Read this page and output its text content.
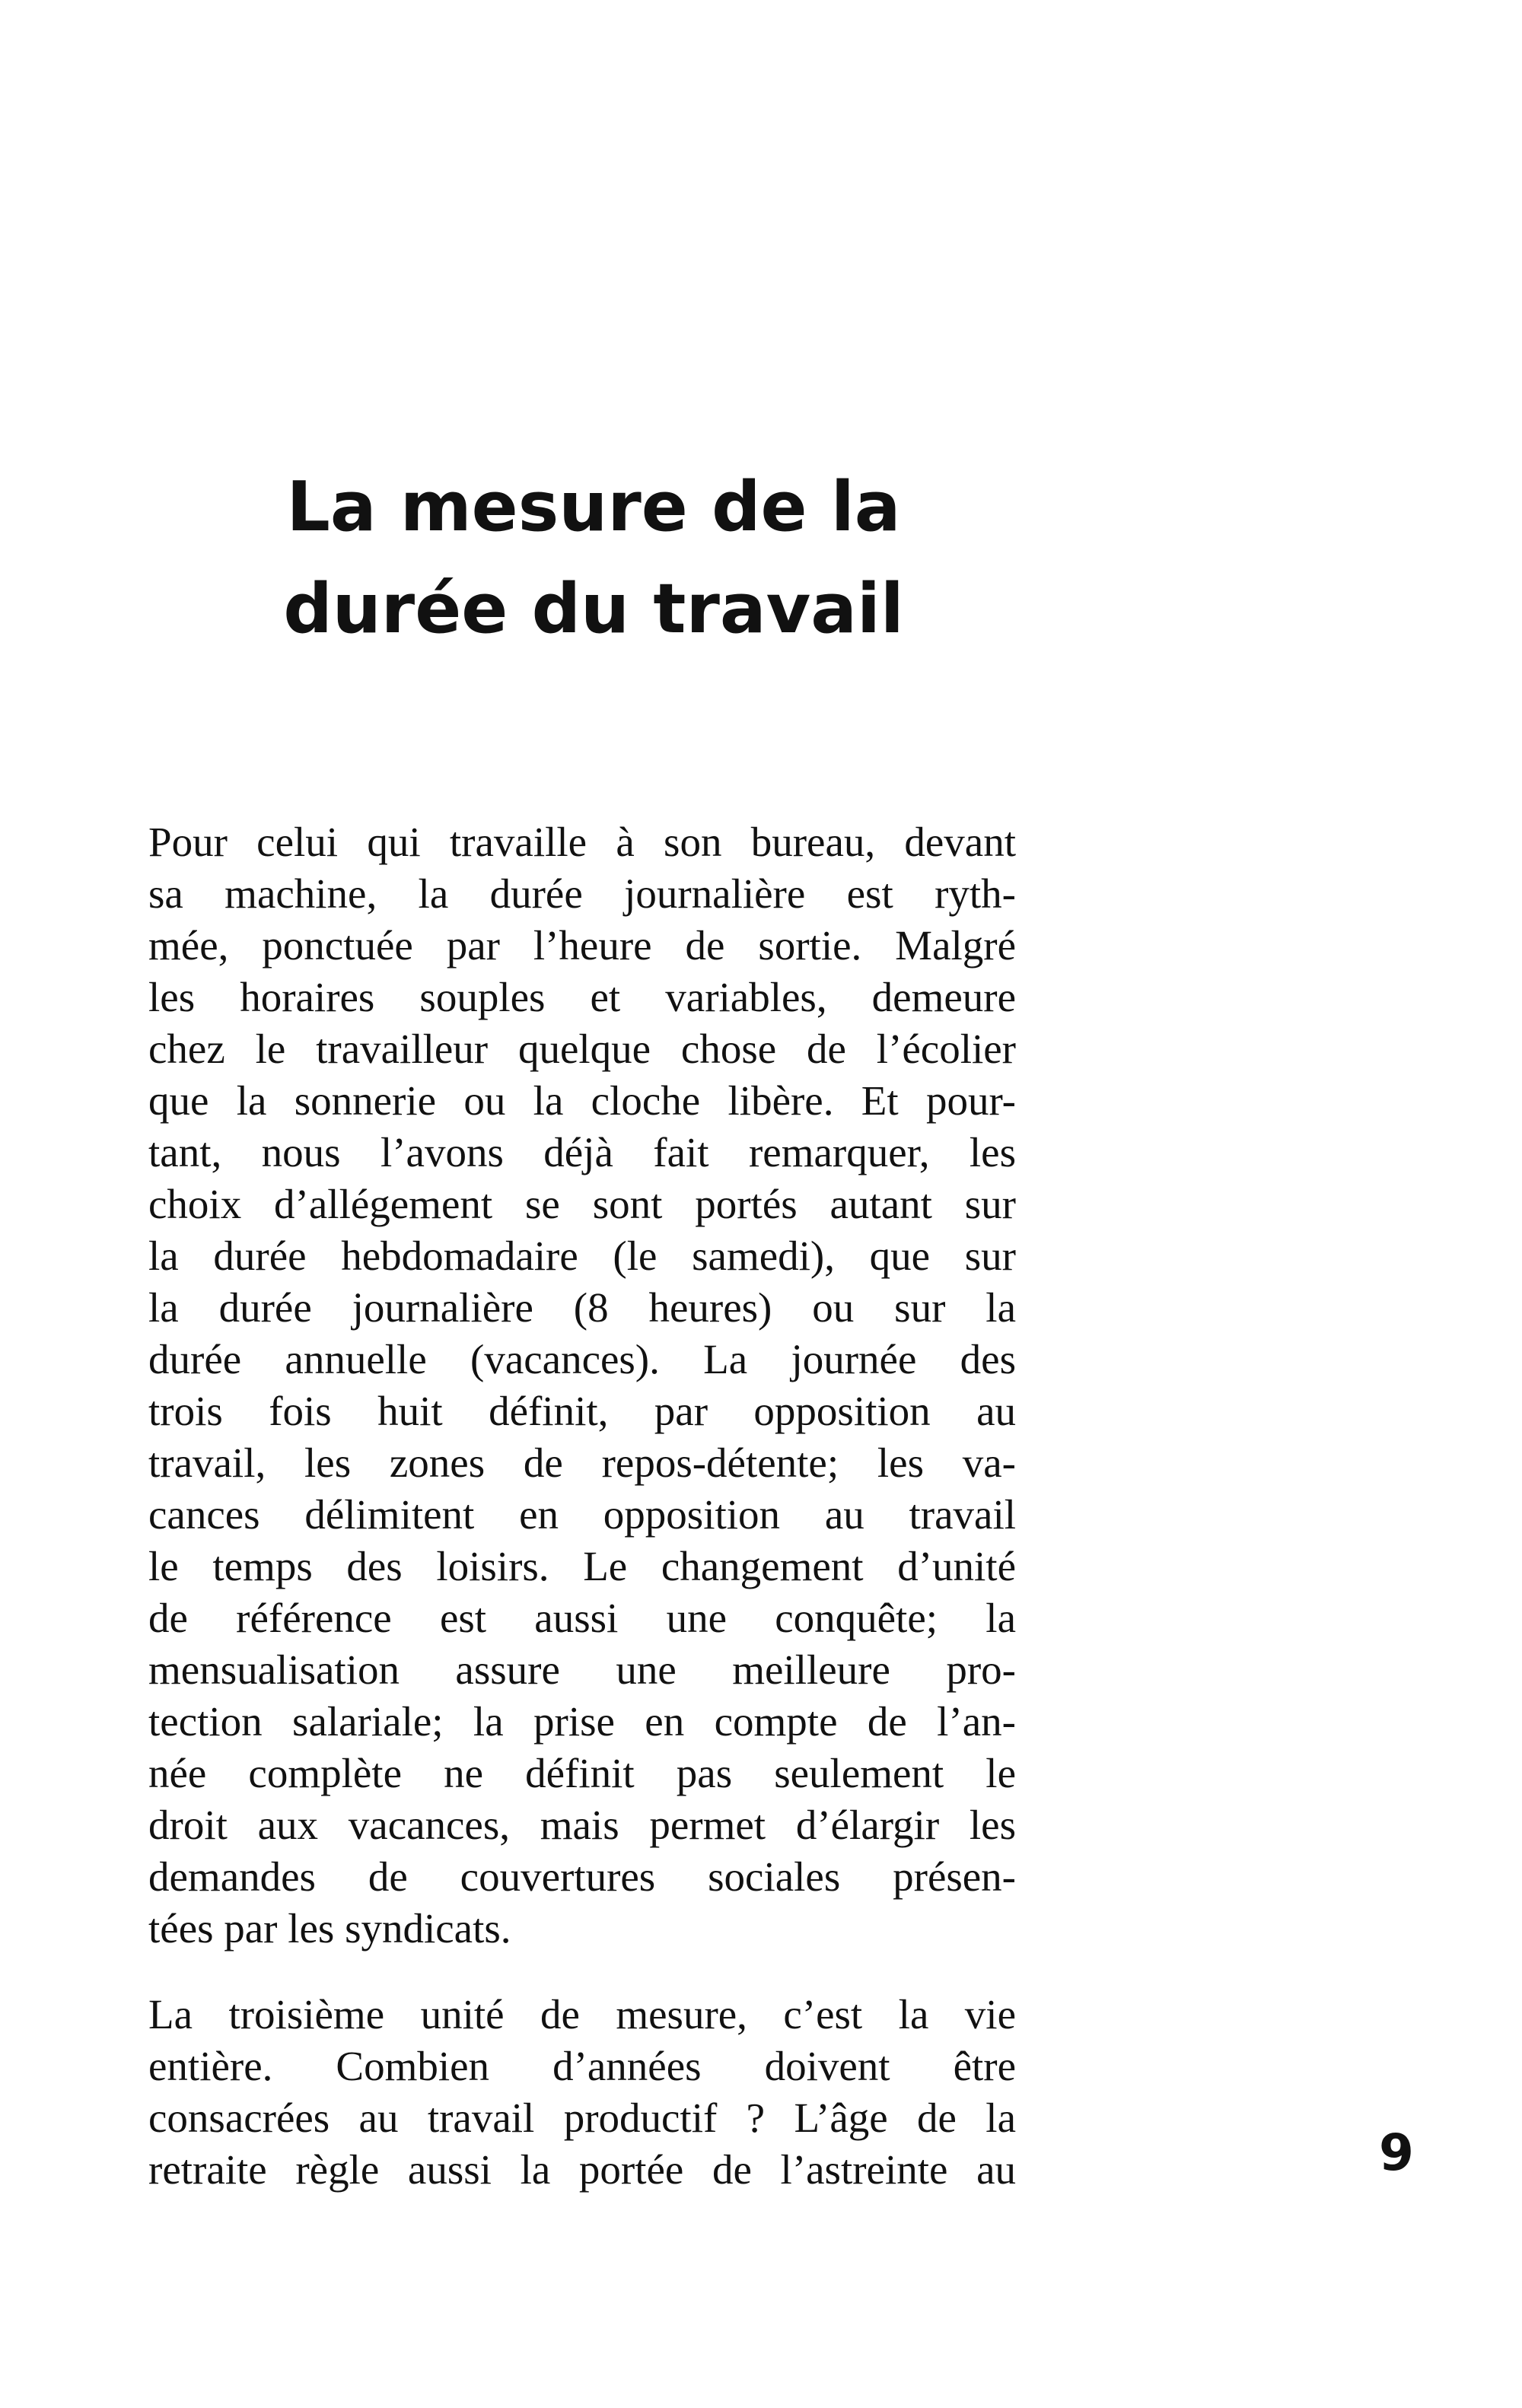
La mesure de la
durée du travail

Pour celui qui travaille à son bureau, devant
sa machine, la durée journalière est ryth-
mée, ponctuée par l’heure de sortie. Malgré
les horaires souples et variables, demeure
chez le travailleur quelque chose de l’écolier
que la sonnerie ou la cloche libère. Et pour-
tant, nous l’avons déjà fait remarquer, les
choix d’allégement se sont portés autant sur
la durée hebdomadaire (le samedi), que sur
la durée journalière (8 heures) ou sur la
durée annuelle (vacances). La journée des
trois fois huit définit, par opposition au
travail, les zones de repos-détente; les va-
cances délimitent en opposition au travail
le temps des loisirs. Le changement d’unité
de référence est aussi une conquête; la
mensualisation assure une meilleure pro-
tection salariale; la prise en compte de l’an-
née complète ne définit pas seulement le
droit aux vacances, mais permet d’élargir les
demandes de couvertures sociales présen-
tées par les syndicats.

La troisième unité de mesure, c’est la vie
entière. Combien d’années doivent être
consacrées au travail productif ? L’âge de la
retraite règle aussi la portée de l’astreinte au	9
